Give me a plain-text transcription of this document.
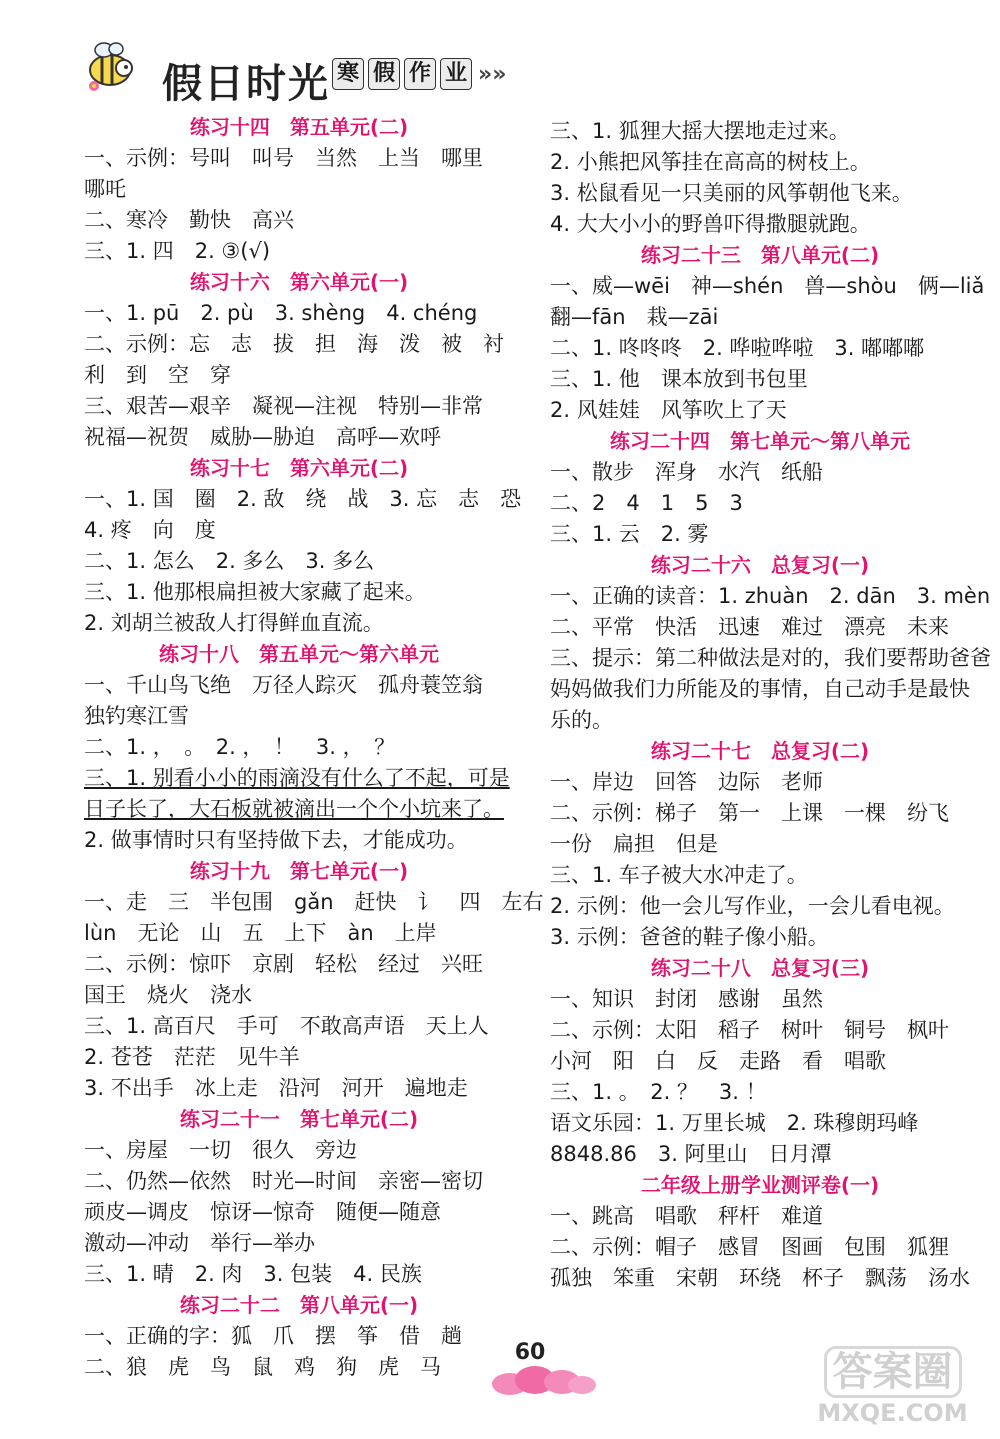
假日时光 寒 假 作 业 »»
练习十四　第五单元(二)
一、示例：号叫　叫号　当然　上当　哪里
哪吒
二、寒冷　勤快　高兴
三、1. 四　2. ③(√)
练习十六　第六单元(一)
一、1. pū　2. pù　3. shèng　4. chéng
二、示例：忘　志　拔　担　海　泼　被　衬
利　到　空　穿
三、艰苦—艰辛　凝视—注视　特别—非常
祝福—祝贺　威胁—胁迫　高呼—欢呼
练习十七　第六单元(二)
一、1. 国　圈　2. 敌　绕　战　3. 忘　志　恐
4. 疼　向　度
二、1. 怎么　2. 多么　3. 多么
三、1. 他那根扁担被大家藏了起来。
2. 刘胡兰被敌人打得鲜血直流。
练习十八　第五单元～第六单元
一、千山鸟飞绝　万径人踪灭　孤舟蓑笠翁
独钓寒江雪
二、1. ，　。　2. ，　！　3. ，　？
三、1. 别看小小的雨滴没有什么了不起，可是
日子长了，大石板就被滴出一个个小坑来了。
2. 做事情时只有坚持做下去，才能成功。
练习十九　第七单元(一)
一、走　三　半包围　gǎn　赶快　讠　四　左右
lùn　无论　山　五　上下　àn　上岸
二、示例：惊吓　京剧　轻松　经过　兴旺
国王　烧火　浇水
三、1. 高百尺　手可　不敢高声语　天上人
2. 苍苍　茫茫　见牛羊
3. 不出手　冰上走　沿河　河开　遍地走
练习二十一　第七单元(二)
一、房屋　一切　很久　旁边
二、仍然—依然　时光—时间　亲密—密切
顽皮—调皮　惊讶—惊奇　随便—随意
激动—冲动　举行—举办
三、1. 晴　2. 肉　3. 包装　4. 民族
练习二十二　第八单元(一)
一、正确的字：狐　爪　摆　筝　借　趟
二、狼　虎　鸟　鼠　鸡　狗　虎　马
三、1. 狐狸大摇大摆地走过来。
2. 小熊把风筝挂在高高的树枝上。
3. 松鼠看见一只美丽的风筝朝他飞来。
4. 大大小小的野兽吓得撒腿就跑。
练习二十三　第八单元(二)
一、威—wēi　神—shén　兽—shòu　俩—liǎ
翻—fān　栽—zāi
二、1. 咚咚咚　2. 哗啦哗啦　3. 嘟嘟嘟
三、1. 他　课本放到书包里
2. 风娃娃　风筝吹上了天
练习二十四　第七单元～第八单元
一、散步　浑身　水汽　纸船
二、2　4　1　5　3
三、1. 云　2. 雾
练习二十六　总复习(一)
一、正确的读音：1. zhuàn　2. dān　3. mèn
二、平常　快活　迅速　难过　漂亮　未来
三、提示：第二种做法是对的，我们要帮助爸爸
妈妈做我们力所能及的事情，自己动手是最快
乐的。
练习二十七　总复习(二)
一、岸边　回答　边际　老师
二、示例：梯子　第一　上课　一棵　纷飞
一份　扁担　但是
三、1. 车子被大水冲走了。
2. 示例：他一会儿写作业，一会儿看电视。
3. 示例：爸爸的鞋子像小船。
练习二十八　总复习(三)
一、知识　封闭　感谢　虽然
二、示例：太阳　稻子　树叶　铜号　枫叶
小河　阳　白　反　走路　看　唱歌
三、1. 。　2. ？　3. ！
语文乐园：1. 万里长城　2. 珠穆朗玛峰
8848.86　3. 阿里山　日月潭
二年级上册学业测评卷(一)
一、跳高　唱歌　秤杆　难道
二、示例：帽子　感冒　图画　包围　狐狸
孤独　笨重　宋朝　环绕　杯子　飘荡　汤水
60	答案圈
MXQE.COM
